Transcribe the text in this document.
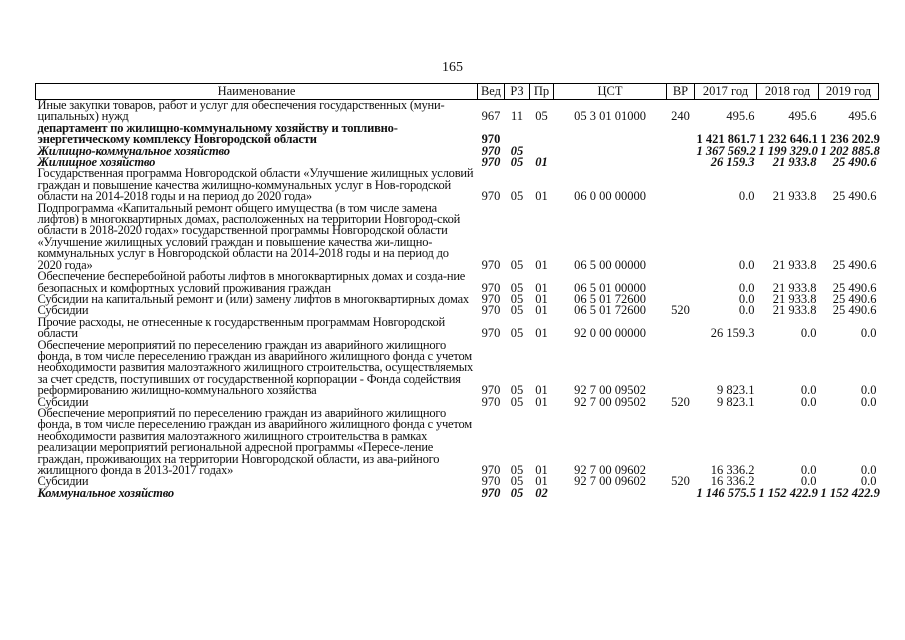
165
Наименование	Вед	РЗ	Пр	ЦСТ	ВР	2017 год	2018 год	2019 год
Иные закупки товаров, работ и услуг для обеспечения государственных (муни-ципальных) нужд	967	11	05	05 3 01 01000	240	495.6	495.6	495.6
департамент по жилищно-коммунальному хозяйству и топливно-энергетическому комплексу Новгородской области	970					1 421 861.7	1 232 646.1	1 236 202.9
Жилищно-коммунальное хозяйство	970	05				1 367 569.2	1 199 329.0	1 202 885.8
Жилищное хозяйство	970	05	01			26 159.3	21 933.8	25 490.6
Государственная программа Новгородской области «Улучшение жилищных условий граждан и повышение качества жилищно-коммунальных услуг в Нов-городской области на 2014-2018 годы и на период до 2020 года»	970	05	01	06 0 00 00000		0.0	21 933.8	25 490.6
Подпрограмма «Капитальный ремонт общего имущества (в том числе замена лифтов) в многоквартирных домах, расположенных на территории Новгород-ской области в 2018-2020 годах» государственной программы Новгородской области «Улучшение жилищных условий граждан и повышение качества жи-лищно-коммунальных услуг в Новгородской области на 2014-2018 годы и на период до 2020 года»	970	05	01	06 5 00 00000		0.0	21 933.8	25 490.6
Обеспечение бесперебойной работы лифтов в многоквартирных домах и созда-ние безопасных и комфортных условий проживания граждан	970	05	01	06 5 01 00000		0.0	21 933.8	25 490.6
Субсидии на капитальный ремонт и (или) замену лифтов в многоквартирных домах	970	05	01	06 5 01 72600		0.0	21 933.8	25 490.6
Субсидии	970	05	01	06 5 01 72600	520	0.0	21 933.8	25 490.6
Прочие расходы, не отнесенные к государственным программам Новгородской области	970	05	01	92 0 00 00000		26 159.3	0.0	0.0
Обеспечение мероприятий по переселению граждан из аварийного жилищного фонда, в том числе переселению граждан из аварийного жилищного фонда с учетом необходимости развития малоэтажного жилищного строительства, осуществляемых за счет средств, поступивших от государственной корпорации - Фонда содействия реформированию жилищно-коммунального хозяйства	970	05	01	92 7 00 09502		9 823.1	0.0	0.0
Субсидии	970	05	01	92 7 00 09502	520	9 823.1	0.0	0.0
Обеспечение мероприятий по переселению граждан из аварийного жилищного фонда, в том числе переселению граждан из аварийного жилищного фонда с учетом необходимости развития малоэтажного жилищного строительства в рамках реализации мероприятий региональной адресной программы «Пересе-ление граждан, проживающих на территории Новгородской области, из ава-рийного жилищного фонда в 2013-2017 годах»	970	05	01	92 7 00 09602		16 336.2	0.0	0.0
Субсидии	970	05	01	92 7 00 09602	520	16 336.2	0.0	0.0
Коммунальное хозяйство	970	05	02			1 146 575.5	1 152 422.9	1 152 422.9
